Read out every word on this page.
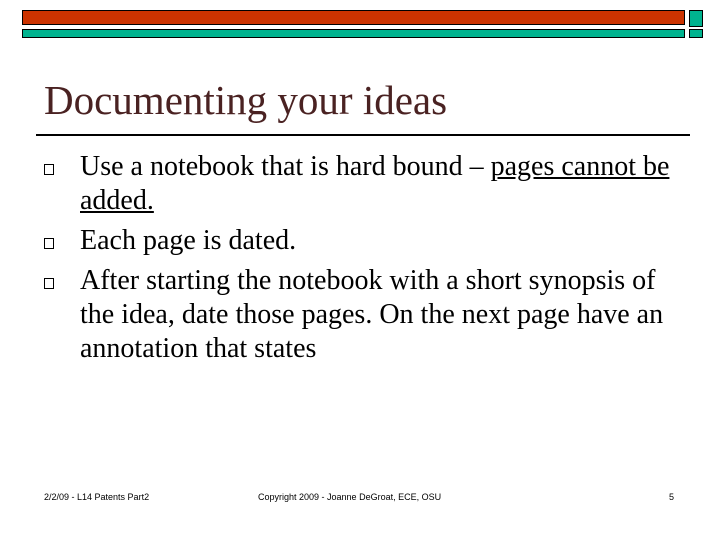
Documenting your ideas
Use a notebook that is hard bound – pages cannot be added.
Each page is dated.
After starting the notebook with a short synopsis of the idea, date those pages. On the next page have an annotation that states
2/2/09 - L14 Patents Part2	Copyright 2009 - Joanne DeGroat, ECE, OSU	5
